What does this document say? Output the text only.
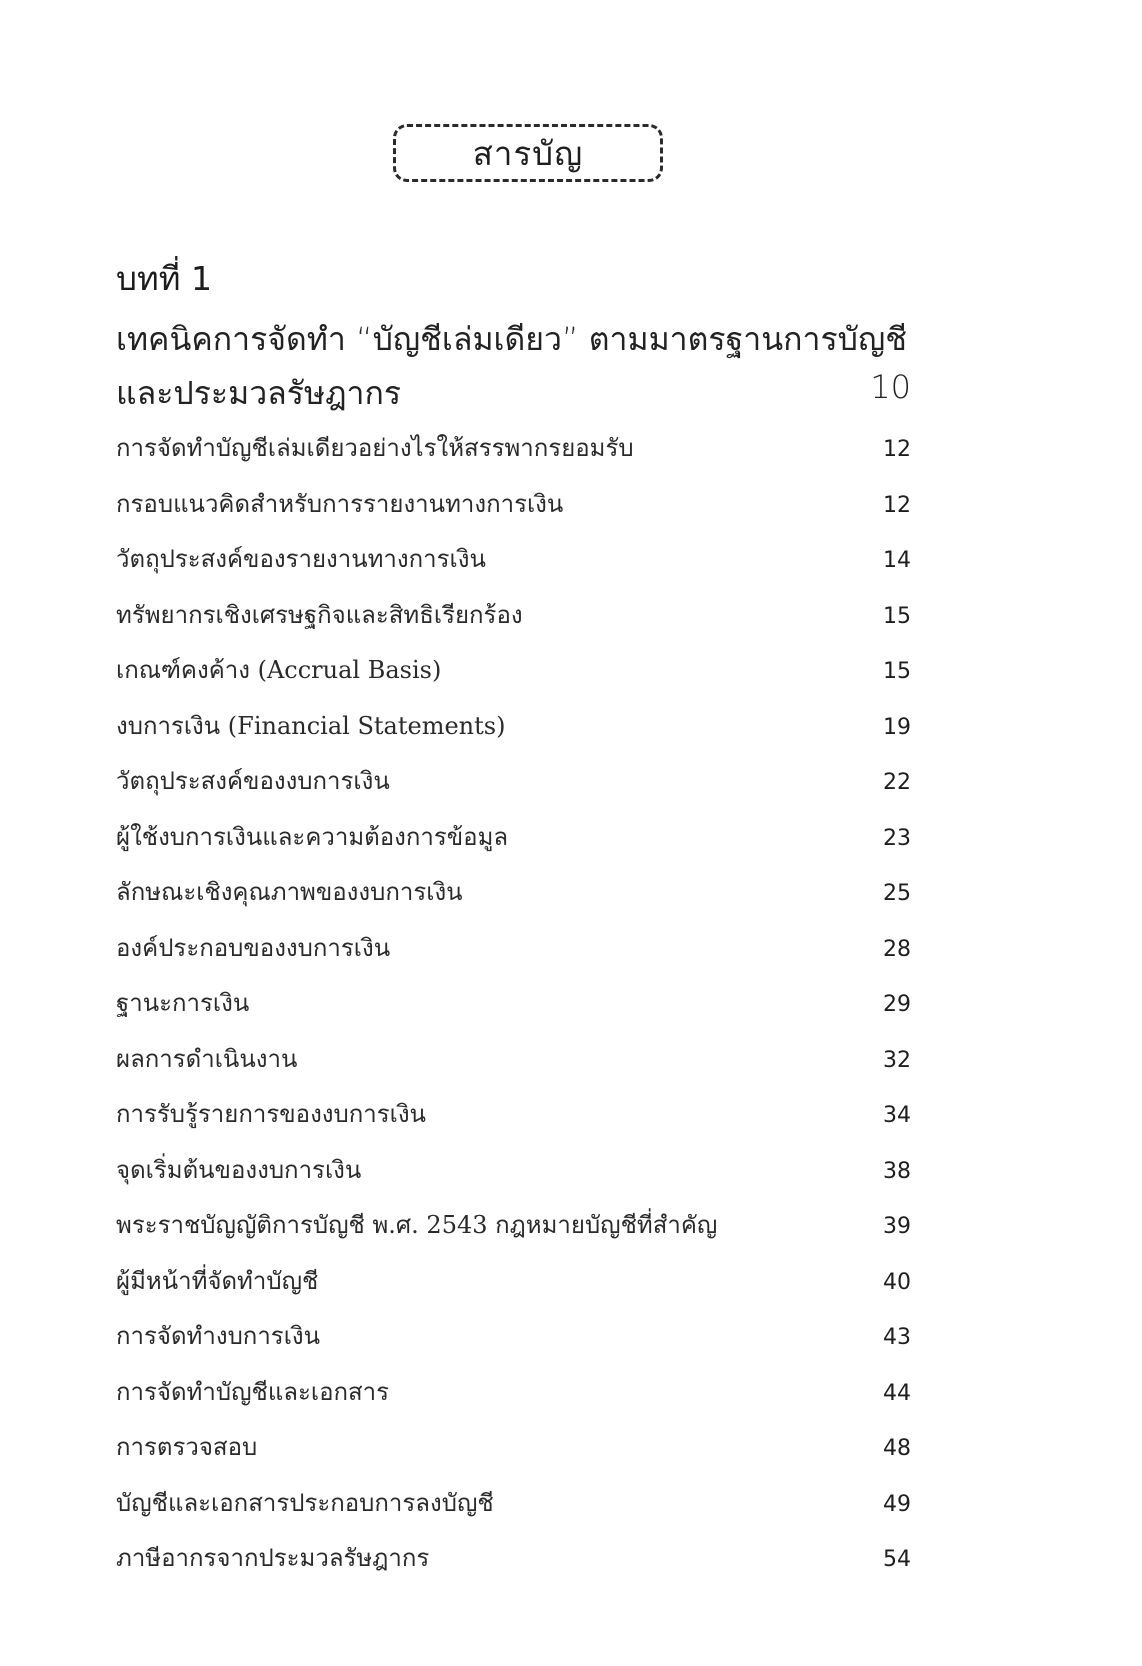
สารบัญ
บทที่ 1
เทคนิคการจัดทำ “บัญชีเล่มเดียว” ตามมาตรฐานการบัญชี
และประมวลรัษฎากร	10
การจัดทำบัญชีเล่มเดียวอย่างไรให้สรรพากรยอมรับ	12
กรอบแนวคิดสำหรับการรายงานทางการเงิน	12
วัตถุประสงค์ของรายงานทางการเงิน	14
ทรัพยากรเชิงเศรษฐกิจและสิทธิเรียกร้อง	15
เกณฑ์คงค้าง (Accrual Basis)	15
งบการเงิน (Financial Statements)	19
วัตถุประสงค์ของงบการเงิน	22
ผู้ใช้งบการเงินและความต้องการข้อมูล	23
ลักษณะเชิงคุณภาพของงบการเงิน	25
องค์ประกอบของงบการเงิน	28
ฐานะการเงิน	29
ผลการดำเนินงาน	32
การรับรู้รายการของงบการเงิน	34
จุดเริ่มต้นของงบการเงิน	38
พระราชบัญญัติการบัญชี พ.ศ. 2543 กฎหมายบัญชีที่สำคัญ	39
ผู้มีหน้าที่จัดทำบัญชี	40
การจัดทำงบการเงิน	43
การจัดทำบัญชีและเอกสาร	44
การตรวจสอบ	48
บัญชีและเอกสารประกอบการลงบัญชี	49
ภาษีอากรจากประมวลรัษฎากร	54
